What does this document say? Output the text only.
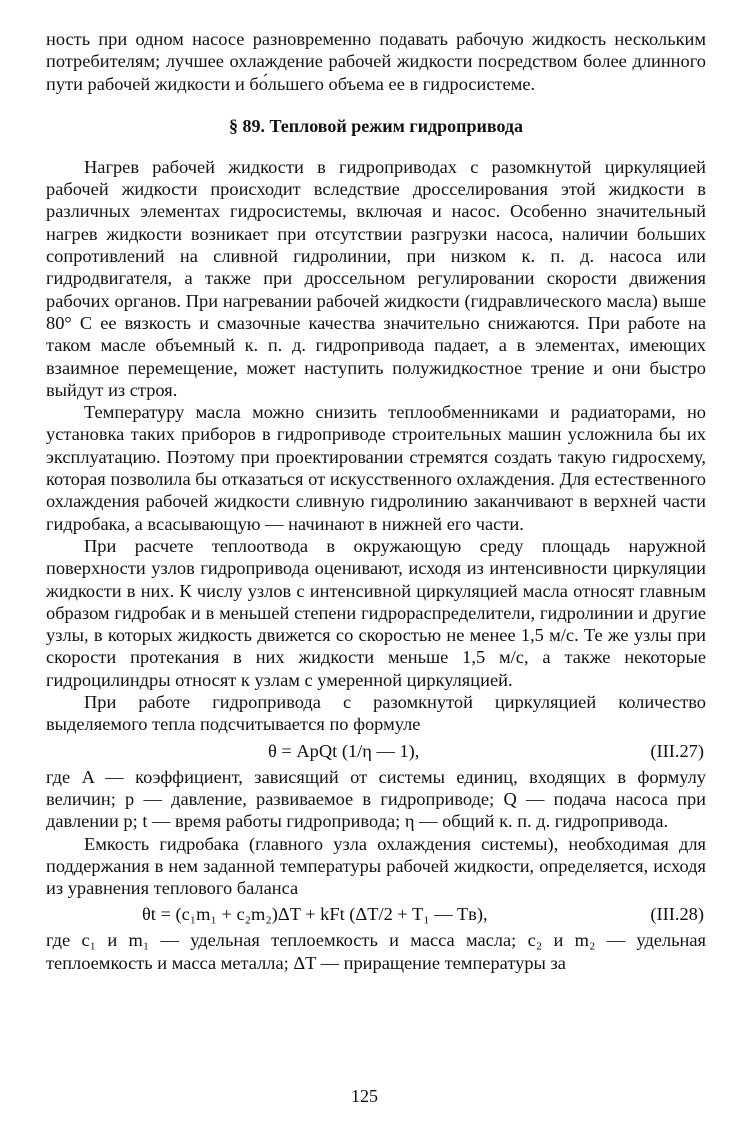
ность при одном насосе разновременно подавать рабочую жидкость нескольким потребителям; лучшее охлаждение рабочей жидкости посредством более длинного пути рабочей жидкости и бо́льшего объема ее в гидросистеме.

§ 89. Тепловой режим гидропривода

Нагрев рабочей жидкости в гидроприводах с разомкнутой циркуляцией рабочей жидкости происходит вследствие дросселирования этой жидкости в различных элементах гидросистемы, включая и насос. Особенно значительный нагрев жидкости возникает при отсутствии разгрузки насоса, наличии больших сопротивлений на сливной гидролинии, при низком к. п. д. насоса или гидродвигателя, а также при дроссельном регулировании скорости движения рабочих органов. При нагревании рабочей жидкости (гидравлического масла) выше 80° C ее вязкость и смазочные качества значительно снижаются. При работе на таком масле объемный к. п. д. гидропривода падает, а в элементах, имеющих взаимное перемещение, может наступить полужидкостное трение и они быстро выйдут из строя.

Температуру масла можно снизить теплообменниками и радиаторами, но установка таких приборов в гидроприводе строительных машин усложнила бы их эксплуатацию. Поэтому при проектировании стремятся создать такую гидросхему, которая позволила бы отказаться от искусственного охлаждения. Для естественного охлаждения рабочей жидкости сливную гидролинию заканчивают в верхней части гидробака, а всасывающую — начинают в нижней его части.

При расчете теплоотвода в окружающую среду площадь наружной поверхности узлов гидропривода оценивают, исходя из интенсивности циркуляции жидкости в них. К числу узлов с интенсивной циркуляцией масла относят главным образом гидробак и в меньшей степени гидрораспределители, гидролинии и другие узлы, в которых жидкость движется со скоростью не менее 1,5 м/с. Те же узлы при скорости протекания в них жидкости меньше 1,5 м/с, а также некоторые гидроцилиндры относят к узлам с умеренной циркуляцией.

При работе гидропривода с разомкнутой циркуляцией количество выделяемого тепла подсчитывается по формуле

θ = ApQt (1/η — 1),	(III.27)

где A — коэффициент, зависящий от системы единиц, входящих в формулу величин; p — давление, развиваемое в гидроприводе; Q — подача насоса при давлении p; t — время работы гидропривода; η — общий к. п. д. гидропривода.

Емкость гидробака (главного узла охлаждения системы), необходимая для поддержания в нем заданной температуры рабочей жидкости, определяется, исходя из уравнения теплового баланса

θt = (c₁m₁ + c₂m₂)ΔT + kFt (ΔT/2 + T₁ — Tв),	(III.28)

где c₁ и m₁ — удельная теплоемкость и масса масла; c₂ и m₂ — удельная теплоемкость и масса металла; ΔT — приращение температуры за

125
